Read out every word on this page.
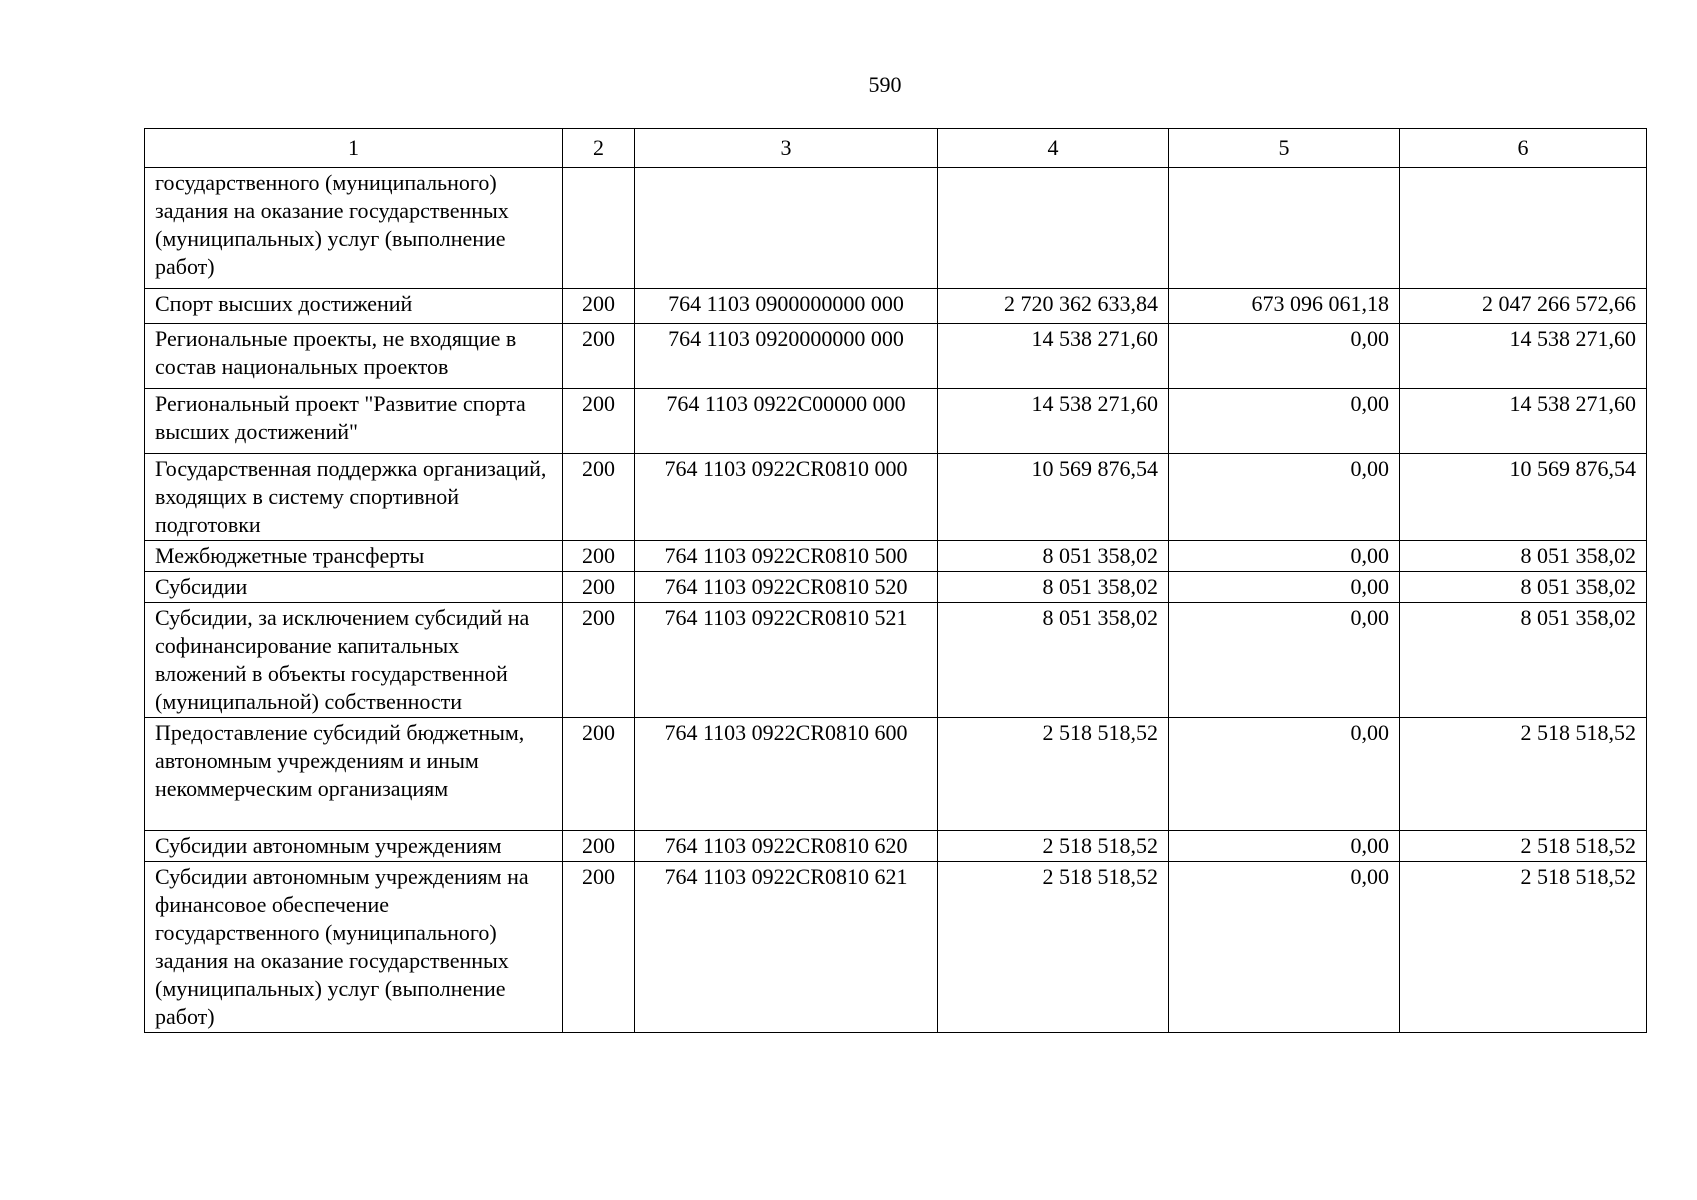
590
1	2	3	4	5	6
государственного (муниципального) задания на оказание государственных (муниципальных) услуг (выполнение работ)					
Спорт высших достижений	200	764 1103 0900000000 000	2 720 362 633,84	673 096 061,18	2 047 266 572,66
Региональные проекты, не входящие в состав национальных проектов	200	764 1103 0920000000 000	14 538 271,60	0,00	14 538 271,60
Региональный проект "Развитие спорта высших достижений"	200	764 1103 0922C00000 000	14 538 271,60	0,00	14 538 271,60
Государственная поддержка организаций, входящих в систему спортивной подготовки	200	764 1103 0922CR0810 000	10 569 876,54	0,00	10 569 876,54
Межбюджетные трансферты	200	764 1103 0922CR0810 500	8 051 358,02	0,00	8 051 358,02
Субсидии	200	764 1103 0922CR0810 520	8 051 358,02	0,00	8 051 358,02
Субсидии, за исключением субсидий на софинансирование капитальных вложений в объекты государственной (муниципальной) собственности	200	764 1103 0922CR0810 521	8 051 358,02	0,00	8 051 358,02
Предоставление субсидий бюджетным, автономным учреждениям и иным некоммерческим организациям	200	764 1103 0922CR0810 600	2 518 518,52	0,00	2 518 518,52
Субсидии автономным учреждениям	200	764 1103 0922CR0810 620	2 518 518,52	0,00	2 518 518,52
Субсидии автономным учреждениям на финансовое обеспечение государственного (муниципального) задания на оказание государственных (муниципальных) услуг (выполнение работ)	200	764 1103 0922CR0810 621	2 518 518,52	0,00	2 518 518,52
